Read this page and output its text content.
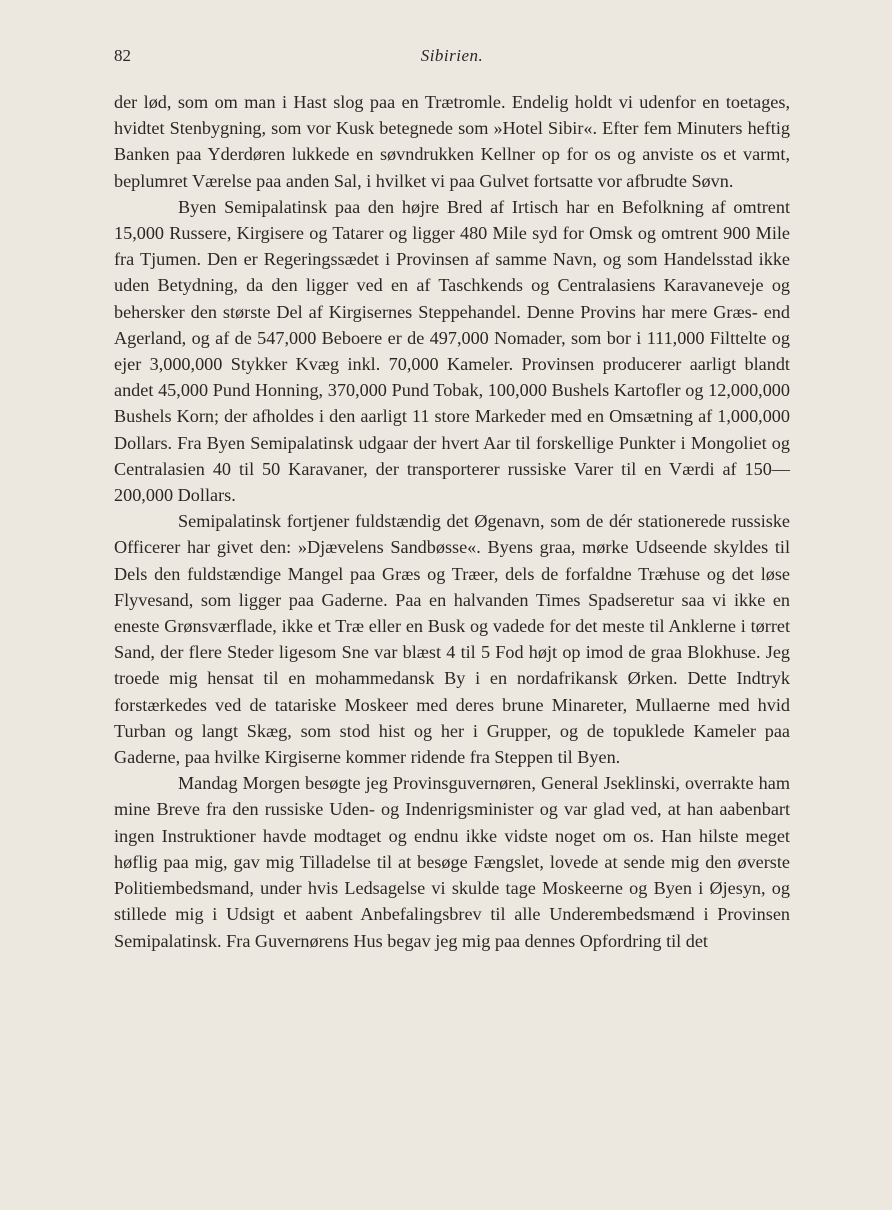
82	Sibirien.

der lød, som om man i Hast slog paa en Trætromle. Endelig holdt vi udenfor en toetages, hvidtet Stenbygning, som vor Kusk betegnede som »Hotel Sibir«. Efter fem Minuters heftig Banken paa Yderdøren lukkede en søvndrukken Kellner op for os og anviste os et varmt, beplumret Værelse paa anden Sal, i hvilket vi paa Gulvet fortsatte vor afbrudte Søvn.

Byen Semipalatinsk paa den højre Bred af Irtisch har en Befolkning af omtrent 15,000 Russere, Kirgisere og Tatarer og ligger 480 Mile syd for Omsk og omtrent 900 Mile fra Tjumen. Den er Regeringssædet i Provinsen af samme Navn, og som Handelsstad ikke uden Betydning, da den ligger ved en af Taschkends og Centralasiens Karavaneveje og behersker den største Del af Kirgisernes Steppehandel. Denne Provins har mere Græs- end Agerland, og af de 547,000 Beboere er de 497,000 Nomader, som bor i 111,000 Filttelte og ejer 3,000,000 Stykker Kvæg inkl. 70,000 Kameler. Provinsen producerer aarligt blandt andet 45,000 Pund Honning, 370,000 Pund Tobak, 100,000 Bushels Kartofler og 12,000,000 Bushels Korn; der afholdes i den aarligt 11 store Markeder med en Omsætning af 1,000,000 Dollars. Fra Byen Semipalatinsk udgaar der hvert Aar til forskellige Punkter i Mongoliet og Centralasien 40 til 50 Karavaner, der transporterer russiske Varer til en Værdi af 150—200,000 Dollars.

Semipalatinsk fortjener fuldstændig det Øgenavn, som de dér stationerede russiske Officerer har givet den: »Djævelens Sandbøsse«. Byens graa, mørke Udseende skyldes til Dels den fuldstændige Mangel paa Græs og Træer, dels de forfaldne Træhuse og det løse Flyvesand, som ligger paa Gaderne. Paa en halvanden Times Spadseretur saa vi ikke en eneste Grønsværflade, ikke et Træ eller en Busk og vadede for det meste til Anklerne i tørret Sand, der flere Steder ligesom Sne var blæst 4 til 5 Fod højt op imod de graa Blokhuse. Jeg troede mig hensat til en mohammedansk By i en nordafrikansk Ørken. Dette Indtryk forstærkedes ved de tatariske Moskeer med deres brune Minareter, Mullaerne med hvid Turban og langt Skæg, som stod hist og her i Grupper, og de topuklede Kameler paa Gaderne, paa hvilke Kirgiserne kommer ridende fra Steppen til Byen.

Mandag Morgen besøgte jeg Provinsguvernøren, General Jseklinski, overrakte ham mine Breve fra den russiske Uden- og Indenrigsminister og var glad ved, at han aabenbart ingen Instruktioner havde modtaget og endnu ikke vidste noget om os. Han hilste meget høflig paa mig, gav mig Tilladelse til at besøge Fængslet, lovede at sende mig den øverste Politiembedsmand, under hvis Ledsagelse vi skulde tage Moskeerne og Byen i Øjesyn, og stillede mig i Udsigt et aabent Anbefalingsbrev til alle Underembedsmænd i Provinsen Semipalatinsk. Fra Guvernørens Hus begav jeg mig paa dennes Opfordring til det
